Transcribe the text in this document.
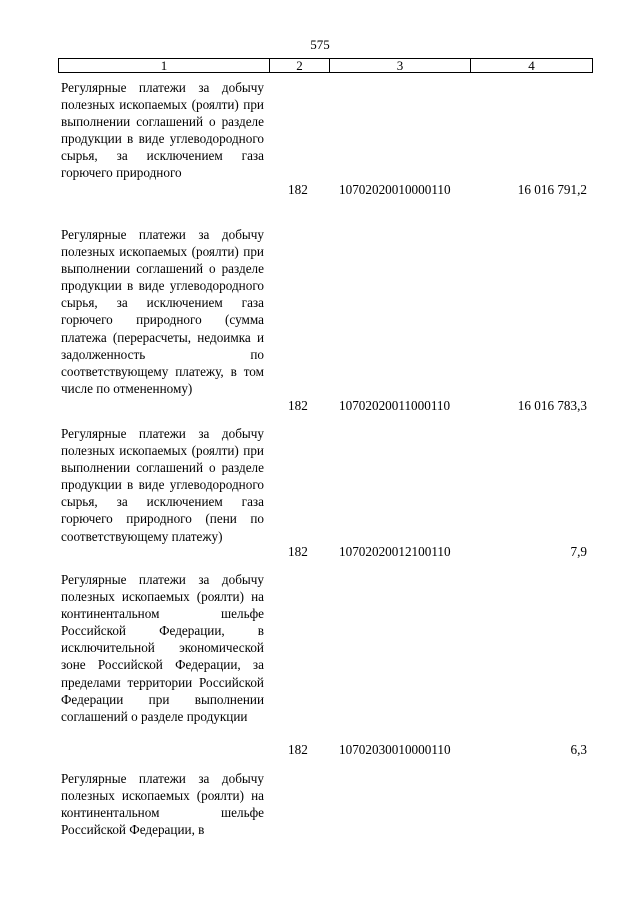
575
1	2	3	4
Регулярные платежи за добычу полезных ископаемых (роялти) при выполнении соглашений о разделе продукции в виде углеводородного сырья, за исключением газа горючего природного
182 10702020010000110	16 016 791,2
Регулярные платежи за добычу полезных ископаемых (роялти) при выполнении соглашений о разделе продукции в виде углеводородного сырья, за исключением газа горючего природного (сумма платежа (перерасчеты, недоимка и задолженность по соответствующему платежу, в том числе по отмененному)
182 10702020011000110	16 016 783,3
Регулярные платежи за добычу полезных ископаемых (роялти) при выполнении соглашений о разделе продукции в виде углеводородного сырья, за исключением газа горючего природного (пени по соответствующему платежу)
182 10702020012100110	7,9
Регулярные платежи за добычу полезных ископаемых (роялти) на континентальном шельфе Российской Федерации, в исключительной экономической зоне Российской Федерации, за пределами территории Российской Федерации при выполнении соглашений о разделе продукции
182 10702030010000110	6,3
Регулярные платежи за добычу полезных ископаемых (роялти) на континентальном шельфе Российской Федерации, в
